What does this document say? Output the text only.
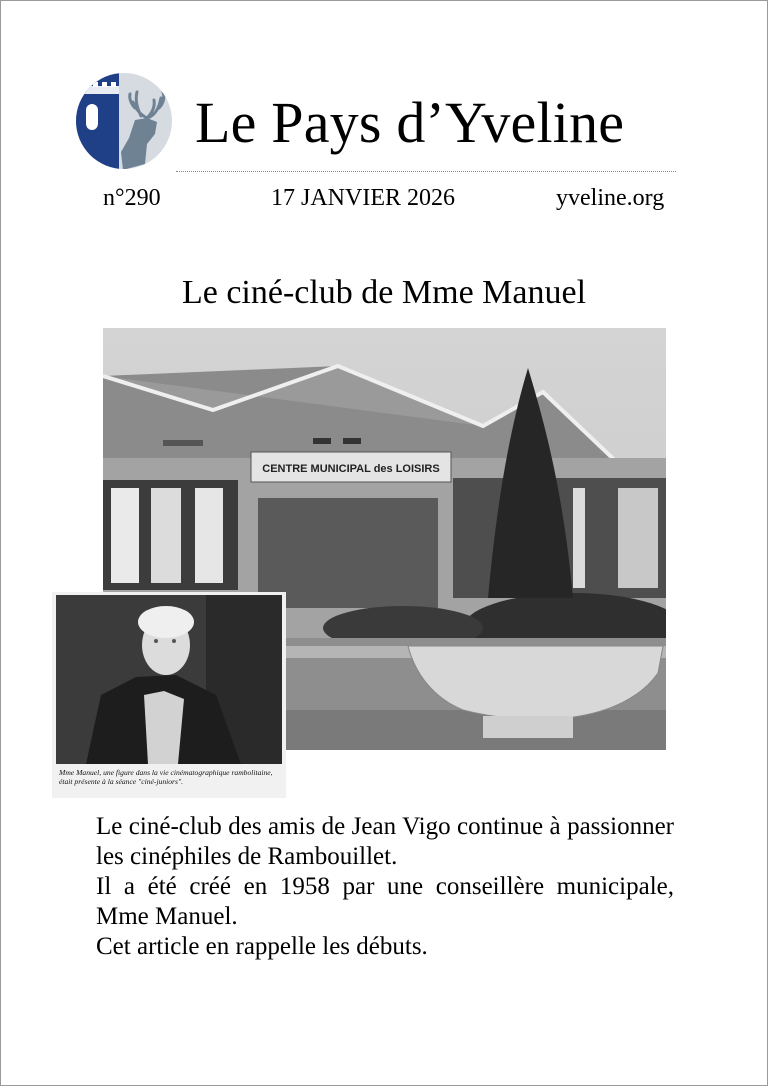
Le Pays d’Yveline
n°290	17 JANVIER 2026	yveline.org
Le ciné-club de Mme Manuel
CENTRE MUNICIPAL des LOISIRS
Mme Manuel, une figure dans la vie cinématographique rambolitaine, était présente à la séance "ciné-juniors".

Le ciné-club des amis de Jean Vigo continue à passionner les cinéphiles de Rambouillet.

Il a été créé en 1958 par une conseillère municipale, Mme Manuel.

Cet article en rappelle les débuts.
